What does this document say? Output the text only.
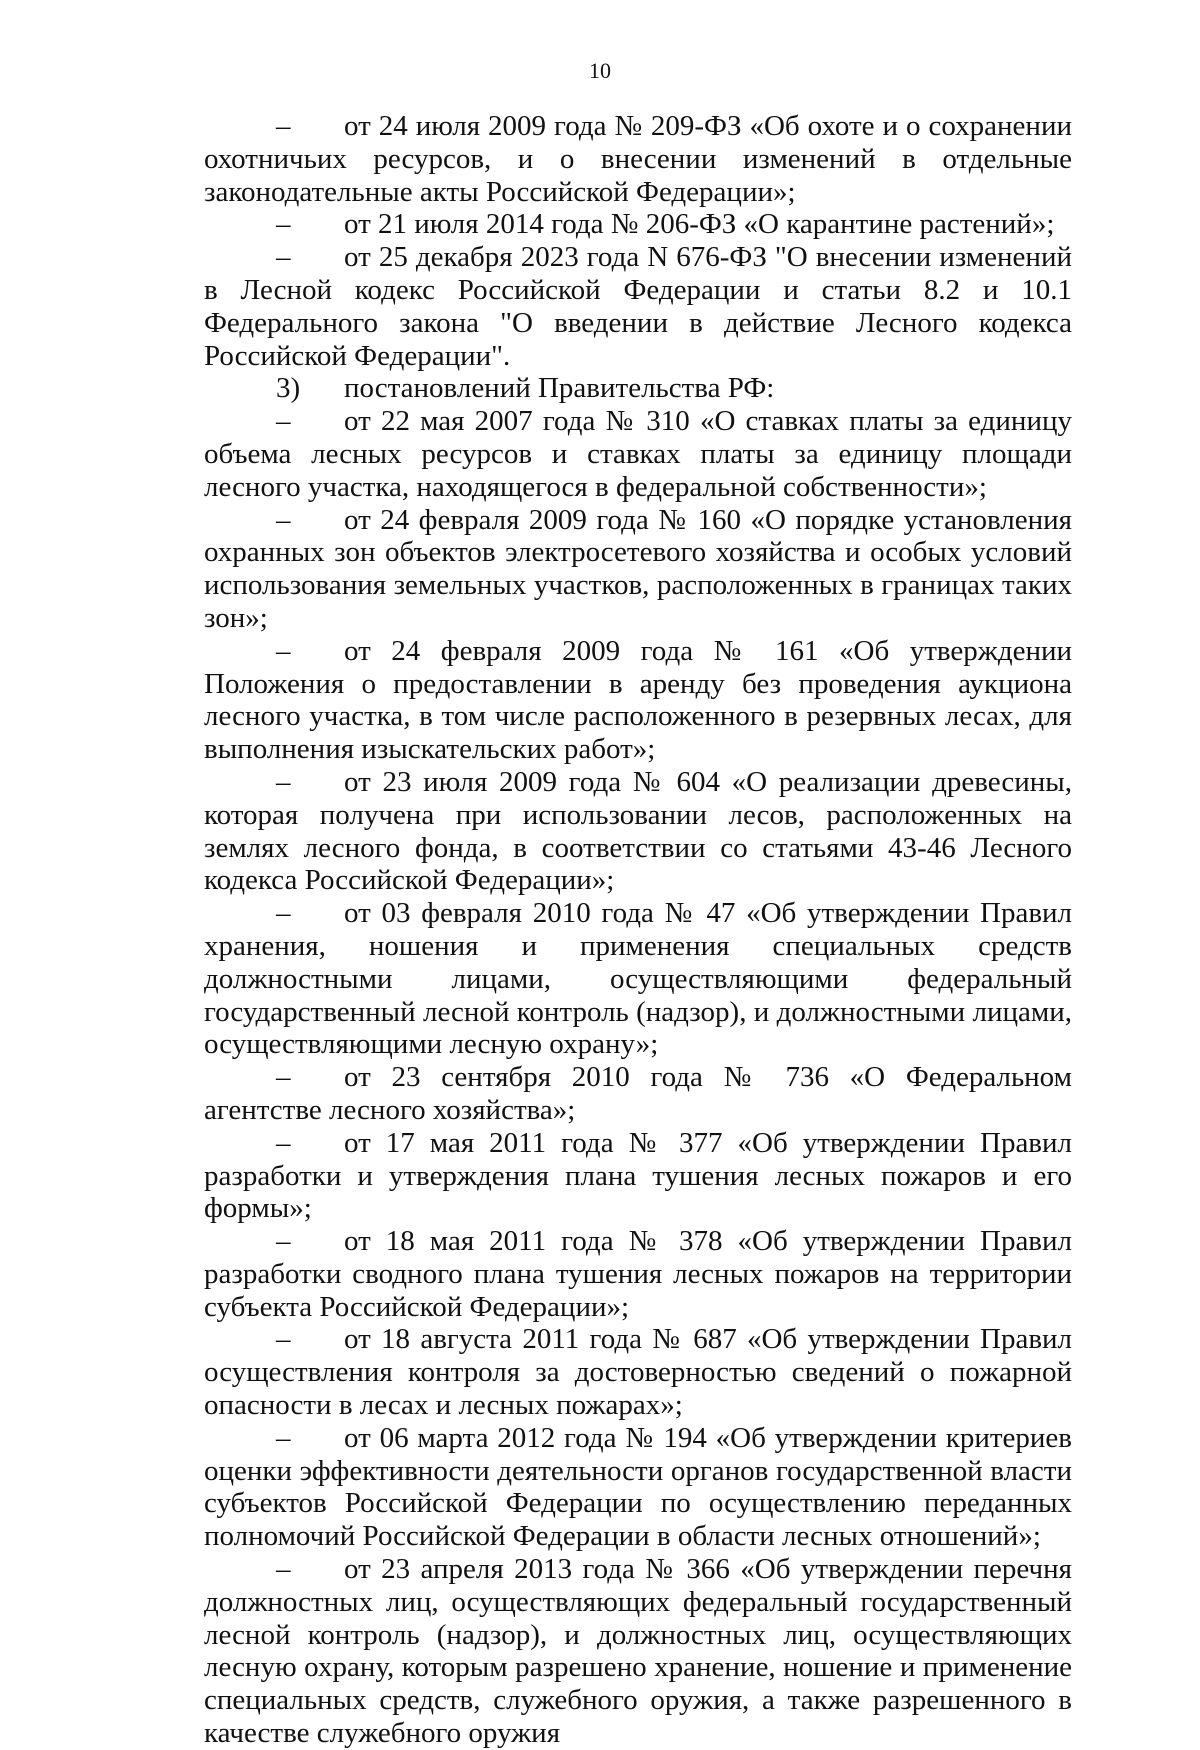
10

–	от 24 июля 2009 года № 209-ФЗ «Об охоте и о сохранении охотничьих ресурсов, и о внесении изменений в отдельные законодательные акты Российской Федерации»;

–	от 21 июля 2014 года № 206-ФЗ «О карантине растений»;

–	от 25 декабря 2023 года N 676-ФЗ "О внесении изменений в Лесной кодекс Российской Федерации и статьи 8.2 и 10.1 Федерального закона "О введении в действие Лесного кодекса Российской Федерации".

3)	постановлений Правительства РФ:

–	от 22 мая 2007 года № 310 «О ставках платы за единицу объема лесных ресурсов и ставках платы за единицу площади лесного участка, находящегося в федеральной собственности»;

–	от 24 февраля 2009 года № 160 «О порядке установления охранных зон объектов электросетевого хозяйства и особых условий использования земельных участков, расположенных в границах таких зон»;

–	от 24 февраля 2009 года № 161 «Об утверждении Положения о предоставлении в аренду без проведения аукциона лесного участка, в том числе расположенного в резервных лесах, для выполнения изыскательских работ»;

–	от 23 июля 2009 года № 604 «О реализации древесины, которая получена при использовании лесов, расположенных на землях лесного фонда, в соответствии со статьями 43-46 Лесного кодекса Российской Федерации»;

–	от 03 февраля 2010 года № 47 «Об утверждении Правил хранения, ношения и применения специальных средств должностными лицами, осуществляющими федеральный государственный лесной контроль (надзор), и должностными лицами, осуществляющими лесную охрану»;

–	от 23 сентября 2010 года № 736 «О Федеральном агентстве лесного хозяйства»;

–	от 17 мая 2011 года № 377 «Об утверждении Правил разработки и утверждения плана тушения лесных пожаров и его формы»;

–	от 18 мая 2011 года № 378 «Об утверждении Правил разработки сводного плана тушения лесных пожаров на территории субъекта Российской Федерации»;

–	от 18 августа 2011 года № 687 «Об утверждении Правил осуществления контроля за достоверностью сведений о пожарной опасности в лесах и лесных пожарах»;

–	от 06 марта 2012 года № 194 «Об утверждении критериев оценки эффективности деятельности органов государственной власти субъектов Российской Федерации по осуществлению переданных полномочий Российской Федерации в области лесных отношений»;

–	от 23 апреля 2013 года № 366 «Об утверждении перечня должностных лиц, осуществляющих федеральный государственный лесной контроль (надзор), и должностных лиц, осуществляющих лесную охрану, которым разрешено хранение, ношение и применение специальных средств, служебного оружия, а также разрешенного в качестве служебного оружия
